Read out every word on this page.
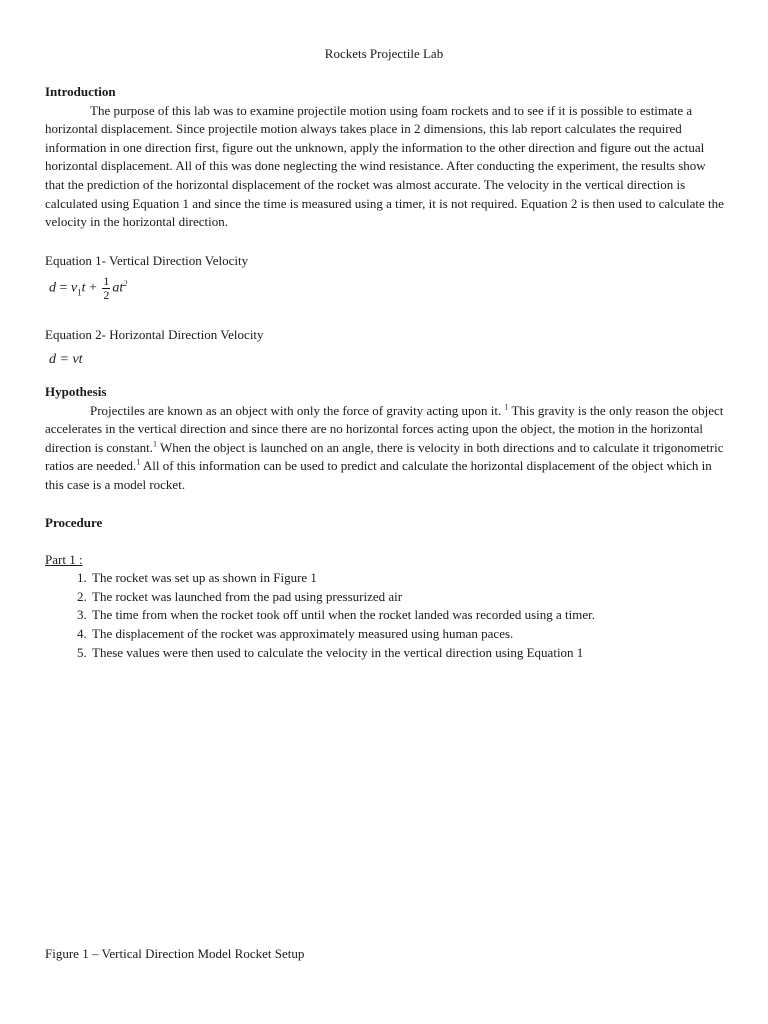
Rockets Projectile Lab
Introduction

The purpose of this lab was to examine projectile motion using foam rockets and to see if it is possible to estimate a horizontal displacement. Since projectile motion always takes place in 2 dimensions, this lab report calculates the required information in one direction first, figure out the unknown, apply the information to the other direction and figure out the actual horizontal displacement. All of this was done neglecting the wind resistance. After conducting the experiment, the results show that the prediction of the horizontal displacement of the rocket was almost accurate. The velocity in the vertical direction is calculated using Equation 1 and since the time is measured using a timer, it is not required. Equation 2 is then used to calculate the velocity in the horizontal direction.

Equation 1- Vertical Direction Velocity

$d = v_1t + \frac{1}{2} at^2$

Equation 2- Horizontal Direction Velocity

d = vt
Hypothesis

Projectiles are known as an object with only the force of gravity acting upon it. $^1$ This gravity is the only reason the object accelerates in the vertical direction and since there are no horizontal forces acting upon the object, the motion in the horizontal direction is constant.$^1$ When the object is launched on an angle, there is velocity in both directions and to calculate it trigonometric ratios are needed.$^1$ All of this information can be used to predict and calculate the horizontal displacement of the object which in this case is a model rocket.

Procedure
Part 1 :
1. The rocket was set up as shown in Figure 1
2. The rocket was launched from the pad using pressurized air
3. The time from when the rocket took off until when the rocket landed was recorded using a timer.
4. The displacement of the rocket was approximately measured using human paces.
5. These values were then used to calculate the velocity in the vertical direction using Equation 1
Figure 1 – Vertical Direction Model Rocket Setup
